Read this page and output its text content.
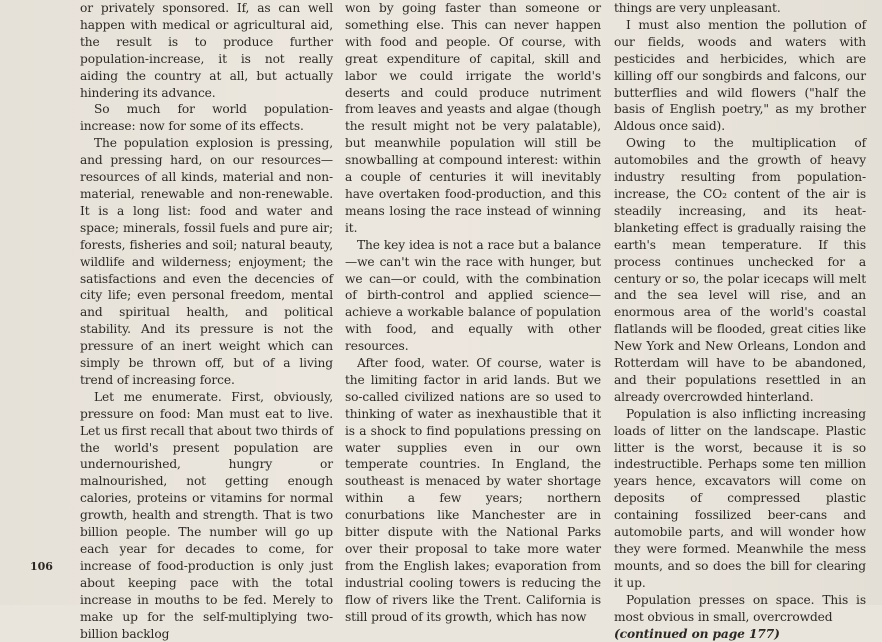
or privately sponsored. If, as can well happen with medical or agricultural aid, the result is to produce further population-increase, it is not really aiding the country at all, but actually hindering its advance.

So much for world population-increase: now for some of its effects.

The population explosion is pressing, and pressing hard, on our resources—resources of all kinds, material and non-material, renewable and non-renewable. It is a long list: food and water and space; minerals, fossil fuels and pure air; forests, fisheries and soil; natural beauty, wildlife and wilderness; enjoyment; the satisfactions and even the decencies of city life; even personal freedom, mental and spiritual health, and political stability. And its pressure is not the pressure of an inert weight which can simply be thrown off, but of a living trend of increasing force.

Let me enumerate. First, obviously, pressure on food: Man must eat to live. Let us first recall that about two thirds of the world's present population are undernourished, hungry or malnourished, not getting enough calories, proteins or vitamins for normal growth, health and strength. That is two billion people. The number will go up each year for decades to come, for increase of food-production is only just about keeping pace with the total increase in mouths to be fed. Merely to make up for the self-multiplying two-billion backlog

won by going faster than someone or something else. This can never happen with food and people. Of course, with great expenditure of capital, skill and labor we could irrigate the world's deserts and could produce nutriment from leaves and yeasts and algae (though the result might not be very palatable), but meanwhile population will still be snowballing at compound interest: within a couple of centuries it will inevitably have overtaken food-production, and this means losing the race instead of winning it.

The key idea is not a race but a balance—we can't win the race with hunger, but we can—or could, with the combination of birth-control and applied science—achieve a workable balance of population with food, and equally with other resources.

After food, water. Of course, water is the limiting factor in arid lands. But we so-called civilized nations are so used to thinking of water as inexhaustible that it is a shock to find populations pressing on water supplies even in our own temperate countries. In England, the southeast is menaced by water shortage within a few years; northern conurbations like Manchester are in bitter dispute with the National Parks over their proposal to take more water from the English lakes; evaporation from industrial cooling towers is reducing the flow of rivers like the Trent. California is still proud of its growth, which has now

things are very unpleasant.

I must also mention the pollution of our fields, woods and waters with pesticides and herbicides, which are killing off our songbirds and falcons, our butterflies and wild flowers ("half the basis of English poetry," as my brother Aldous once said).

Owing to the multiplication of automobiles and the growth of heavy industry resulting from population-increase, the CO₂ content of the air is steadily increasing, and its heat-blanketing effect is gradually raising the earth's mean temperature. If this process continues unchecked for a century or so, the polar icecaps will melt and the sea level will rise, and an enormous area of the world's coastal flatlands will be flooded, great cities like New York and New Orleans, London and Rotterdam will have to be abandoned, and their populations resettled in an already overcrowded hinterland.

Population is also inflicting increasing loads of litter on the landscape. Plastic litter is the worst, because it is so indestructible. Perhaps some ten million years hence, excavators will come on deposits of compressed plastic containing fossilized beer-cans and automobile parts, and will wonder how they were formed. Meanwhile the mess mounts, and so does the bill for clearing it up.

Population presses on space. This is most obvious in small, overcrowded

(continued on page 177)

106
